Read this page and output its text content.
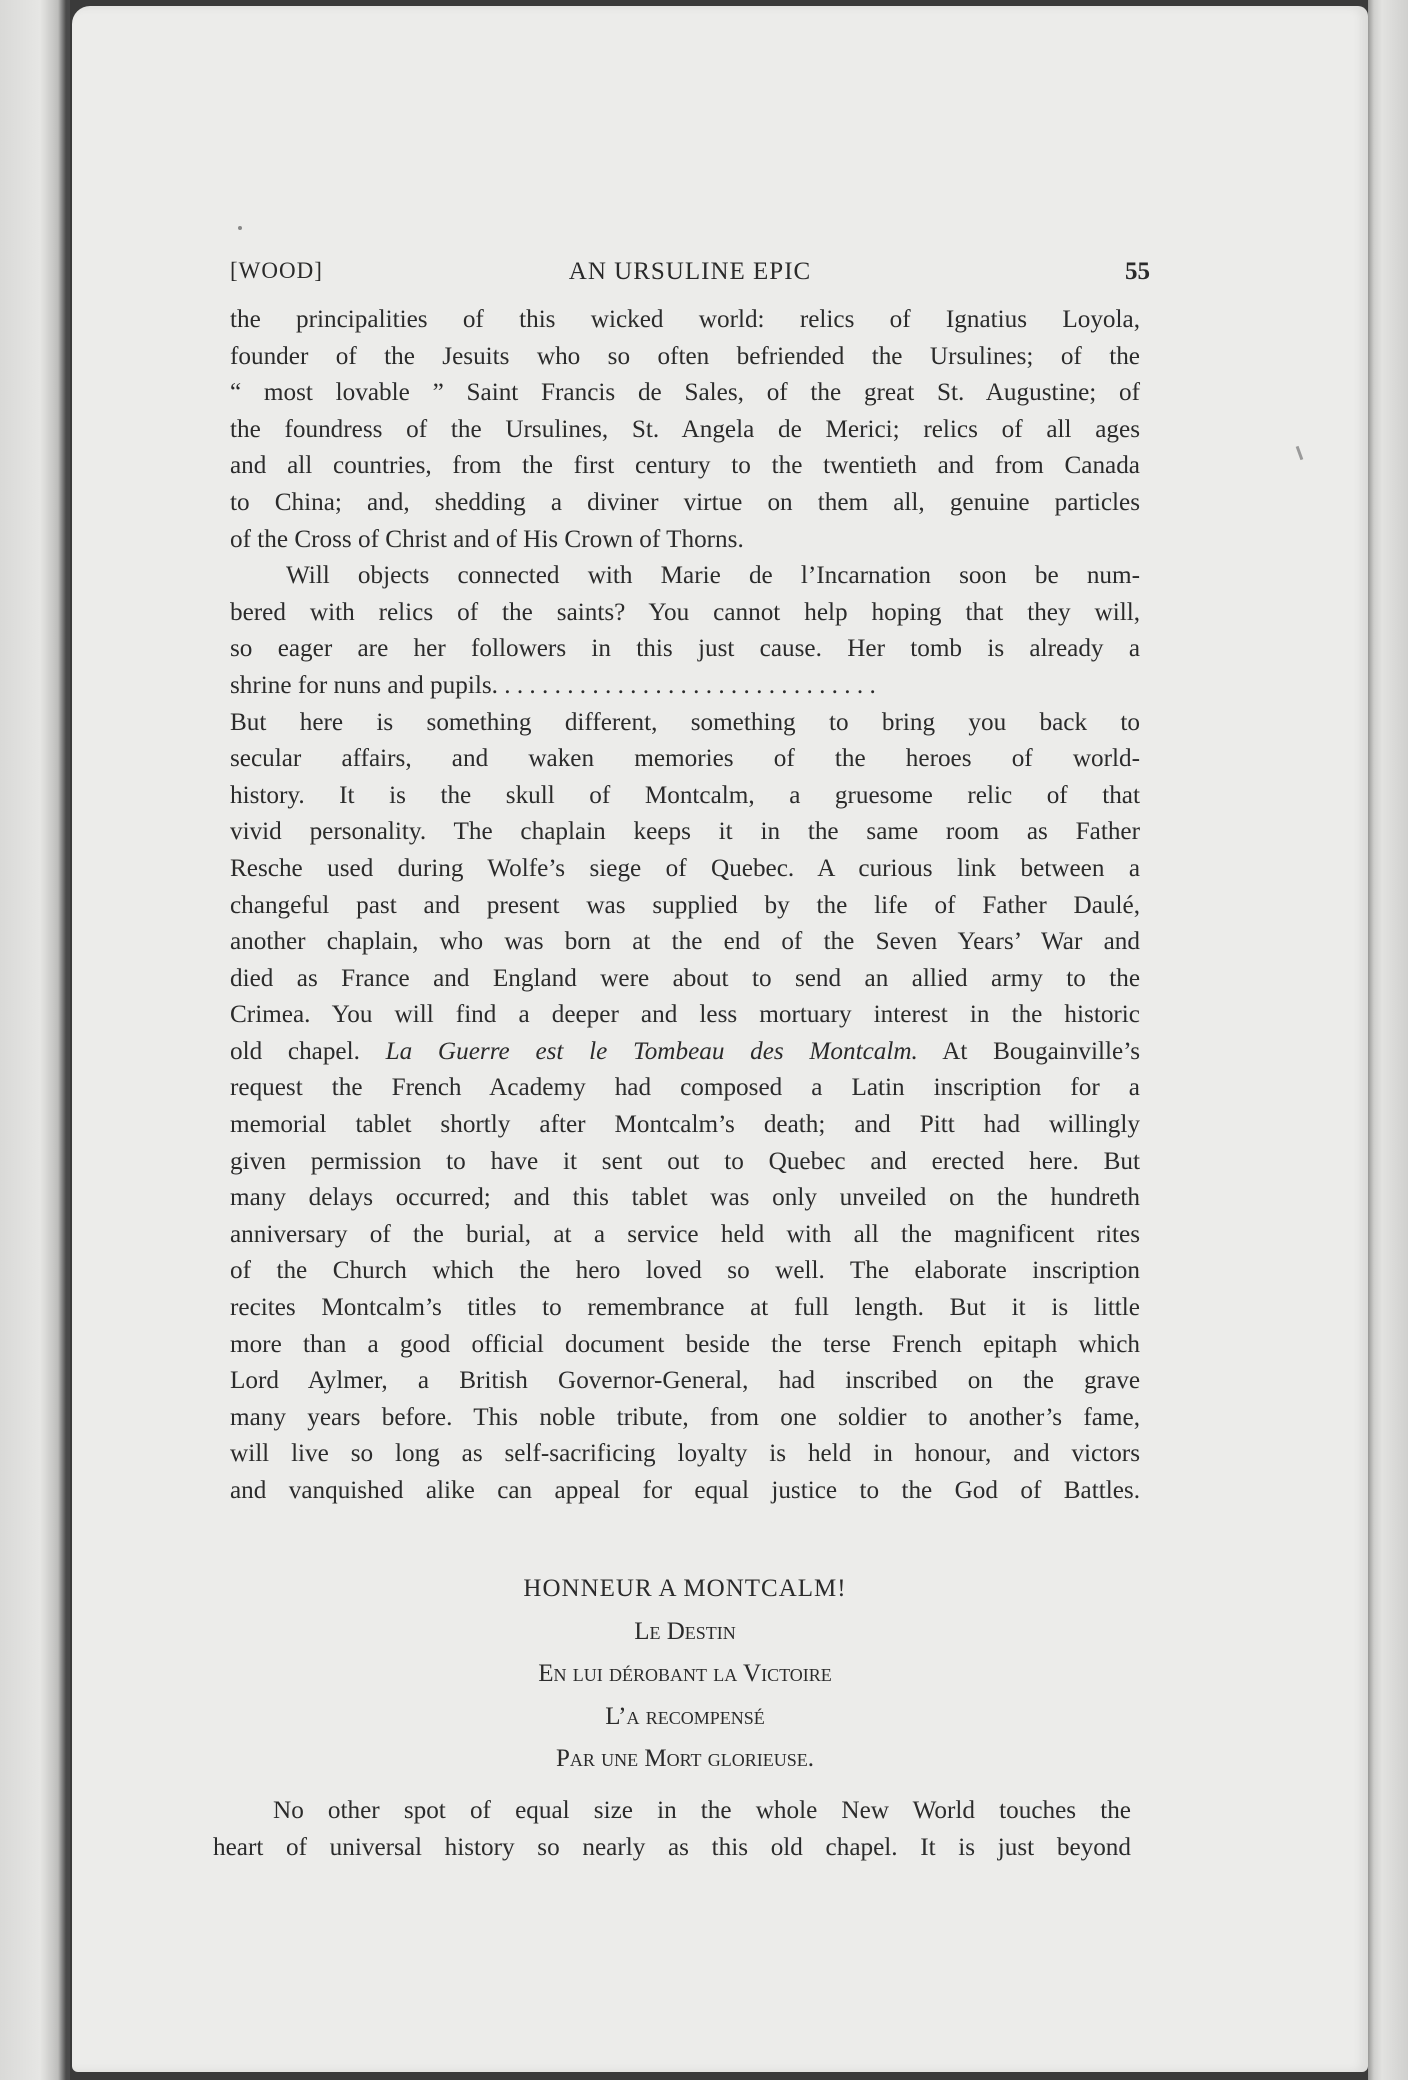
[WOOD]	AN URSULINE EPIC	55
the principalities of this wicked world: relics of Ignatius Loyola,
founder of the Jesuits who so often befriended the Ursulines; of the
“ most lovable ” Saint Francis de Sales, of the great St. Augustine; of
the foundress of the Ursulines, St. Angela de Merici; relics of all ages
and all countries, from the first century to the twentieth and from Canada
to China; and, shedding a diviner virtue on them all, genuine particles
of the Cross of Christ and of His Crown of Thorns.
Will objects connected with Marie de l’Incarnation soon be num-
bered with relics of the saints? You cannot help hoping that they will,
so eager are her followers in this just cause. Her tomb is already a
shrine for nuns and pupils. . . . . . . . . . . . . . . . . . . . . . . . . . . . . . .
But here is something different, something to bring you back to
secular affairs, and waken memories of the heroes of world-
history. It is the skull of Montcalm, a gruesome relic of that
vivid personality. The chaplain keeps it in the same room as Father
Resche used during Wolfe’s siege of Quebec. A curious link between a
changeful past and present was supplied by the life of Father Daulé,
another chaplain, who was born at the end of the Seven Years’ War and
died as France and England were about to send an allied army to the
Crimea. You will find a deeper and less mortuary interest in the historic
old chapel. La Guerre est le Tombeau des Montcalm. At Bougainville’s
request the French Academy had composed a Latin inscription for a
memorial tablet shortly after Montcalm’s death; and Pitt had willingly
given permission to have it sent out to Quebec and erected here. But
many delays occurred; and this tablet was only unveiled on the hundreth
anniversary of the burial, at a service held with all the magnificent rites
of the Church which the hero loved so well. The elaborate inscription
recites Montcalm’s titles to remembrance at full length. But it is little
more than a good official document beside the terse French epitaph which
Lord Aylmer, a British Governor-General, had inscribed on the grave
many years before. This noble tribute, from one soldier to another’s fame,
will live so long as self-sacrificing loyalty is held in honour, and victors
and vanquished alike can appeal for equal justice to the God of Battles.
HONNEUR A MONTCALM!
Le Destin
En lui dérobant la Victoire
L’a recompensé
Par une Mort glorieuse.
No other spot of equal size in the whole New World touches the
heart of universal history so nearly as this old chapel. It is just beyond
